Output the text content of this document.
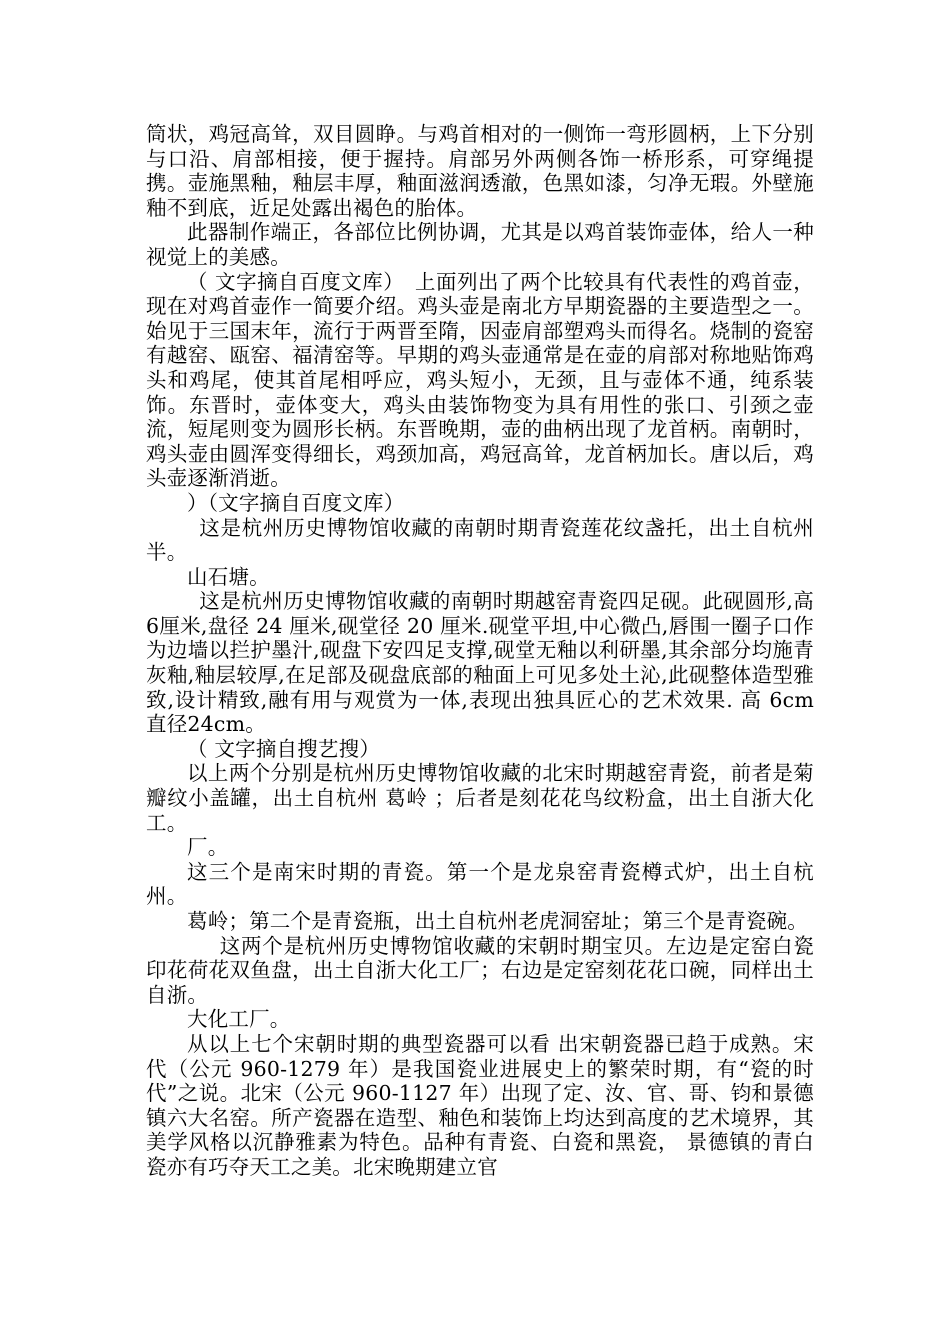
筒状，鸡冠高耸，双目圆睁。与鸡首相对的一侧饰一弯形圆柄，上下分别与口沿、肩部相接，便于握持。肩部另外两侧各饰一桥形系，可穿绳提携。壶施黑釉，釉层丰厚，釉面滋润透澈，色黑如漆，匀净无瑕。外壁施釉不到底，近足处露出褐色的胎体。

此器制作端正，各部位比例协调，尤其是以鸡首装饰壶体，给人一种视觉上的美感。

（ 文字摘自百度文库）　上面列出了两个比较具有代表性的鸡首壶，现在对鸡首壶作一简要介绍。鸡头壶是南北方早期瓷器的主要造型之一。始见于三国末年，流行于两晋至隋，因壶肩部塑鸡头而得名。烧制的瓷窑有越窑、瓯窑、福清窑等。早期的鸡头壶通常是在壶的肩部对称地贴饰鸡头和鸡尾，使其首尾相呼应，鸡头短小，无颈，且与壶体不通，纯系装饰。东晋时，壶体变大，鸡头由装饰物变为具有用性的张口、引颈之壶流，短尾则变为圆形长柄。东晋晚期，壶的曲柄出现了龙首柄。南朝时，鸡头壶由圆浑变得细长，鸡颈加高，鸡冠高耸，龙首柄加长。唐以后，鸡头壶逐渐消逝。

）（文字摘自百度文库）

这是杭州历史博物馆收藏的南朝时期青瓷莲花纹盏托，出土自杭州半。

山石塘。

这是杭州历史博物馆收藏的南朝时期越窑青瓷四足砚。此砚圆形,高 6厘米,盘径 24 厘米,砚堂径 20 厘米.砚堂平坦,中心微凸,唇围一圈子口作为边墙以拦护墨汁,砚盘下安四足支撑,砚堂无釉以利研墨,其余部分均施青灰釉,釉层较厚,在足部及砚盘底部的釉面上可见多处土沁,此砚整体造型雅致,设计精致,融有用与观赏为一体,表现出独具匠心的艺术效果. 高 6cm 直径24cm。

（ 文字摘自搜艺搜）

以上两个分别是杭州历史博物馆收藏的北宋时期越窑青瓷，前者是菊瓣纹小盖罐，出土自杭州 葛岭 ；后者是刻花花鸟纹粉盒，出土自浙大化工。

厂。

这三个是南宋时期的青瓷。第一个是龙泉窑青瓷樽式炉，出土自杭州。

葛岭；第二个是青瓷瓶，出土自杭州老虎洞窑址；第三个是青瓷碗。

这两个是杭州历史博物馆收藏的宋朝时期宝贝。左边是定窑白瓷印花荷花双鱼盘，出土自浙大化工厂；右边是定窑刻花花口碗，同样出土自浙。

大化工厂。

从以上七个宋朝时期的典型瓷器可以看 出宋朝瓷器已趋于成熟。宋代（公元 960-1279 年）是我国瓷业进展史上的繁荣时期，有“瓷的时代”之说。北宋（公元 960-1127 年）出现了定、汝、官、哥、钧和景德镇六大名窑。所产瓷器在造型、釉色和装饰上均达到高度的艺术境界，其美学风格以沉静雅素为特色。品种有青瓷、白瓷和黑瓷， 景德镇的青白瓷亦有巧夺天工之美。北宋晚期建立官
